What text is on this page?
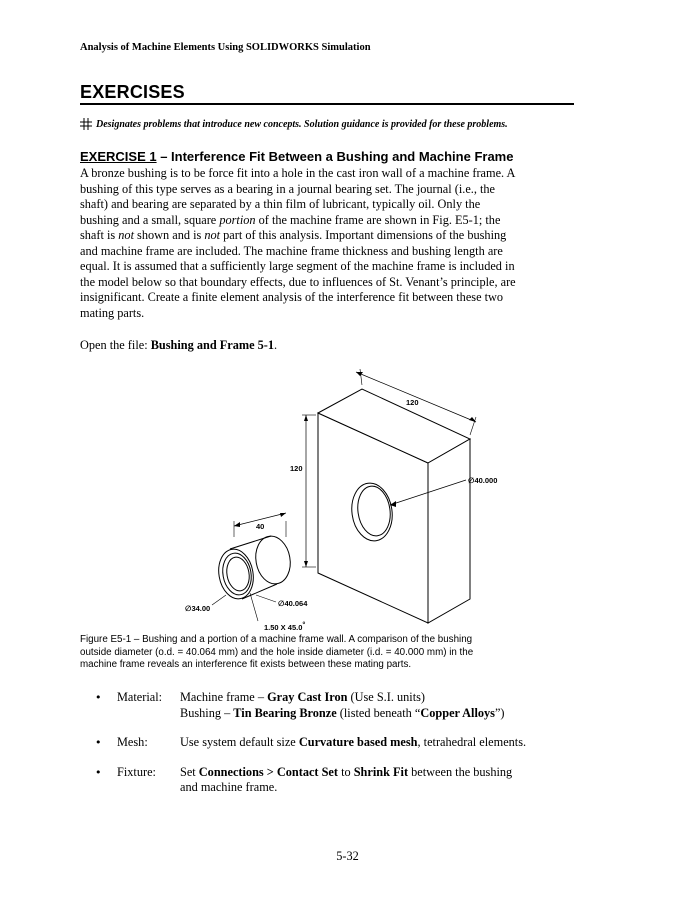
Analysis of Machine Elements Using SOLIDWORKS Simulation
EXERCISES
Designates problems that introduce new concepts. Solution guidance is provided for these problems.
EXERCISE 1 – Interference Fit Between a Bushing and Machine Frame
A bronze bushing is to be force fit into a hole in the cast iron wall of a machine frame. A
bushing of this type serves as a bearing in a journal bearing set. The journal (i.e., the
shaft) and bearing are separated by a thin film of lubricant, typically oil. Only the
bushing and a small, square portion of the machine frame are shown in Fig. E5-1; the
shaft is not shown and is not part of this analysis. Important dimensions of the bushing
and machine frame are included. The machine frame thickness and bushing length are
equal. It is assumed that a sufficiently large segment of the machine frame is included in
the model below so that boundary effects, due to influences of St. Venant’s principle, are
insignificant. Create a finite element analysis of the interference fit between these two
mating parts.
Open the file: Bushing and Frame 5-1.
120
120
∅40.000
40
∅40.064
∅34.00
1.50 X 45.0°
Figure E5-1 – Bushing and a portion of a machine frame wall. A comparison of the bushing
outside diameter (o.d. = 40.064 mm) and the hole inside diameter (i.d. = 40.000 mm) in the
machine frame reveals an interference fit exists between these mating parts.
•	Material:	Machine frame – Gray Cast Iron (Use S.I. units)
Bushing – Tin Bearing Bronze (listed beneath “Copper Alloys”)
•	Mesh:	Use system default size Curvature based mesh, tetrahedral elements.
•	Fixture:	Set Connections > Contact Set to Shrink Fit between the bushing
and machine frame.
5-32
